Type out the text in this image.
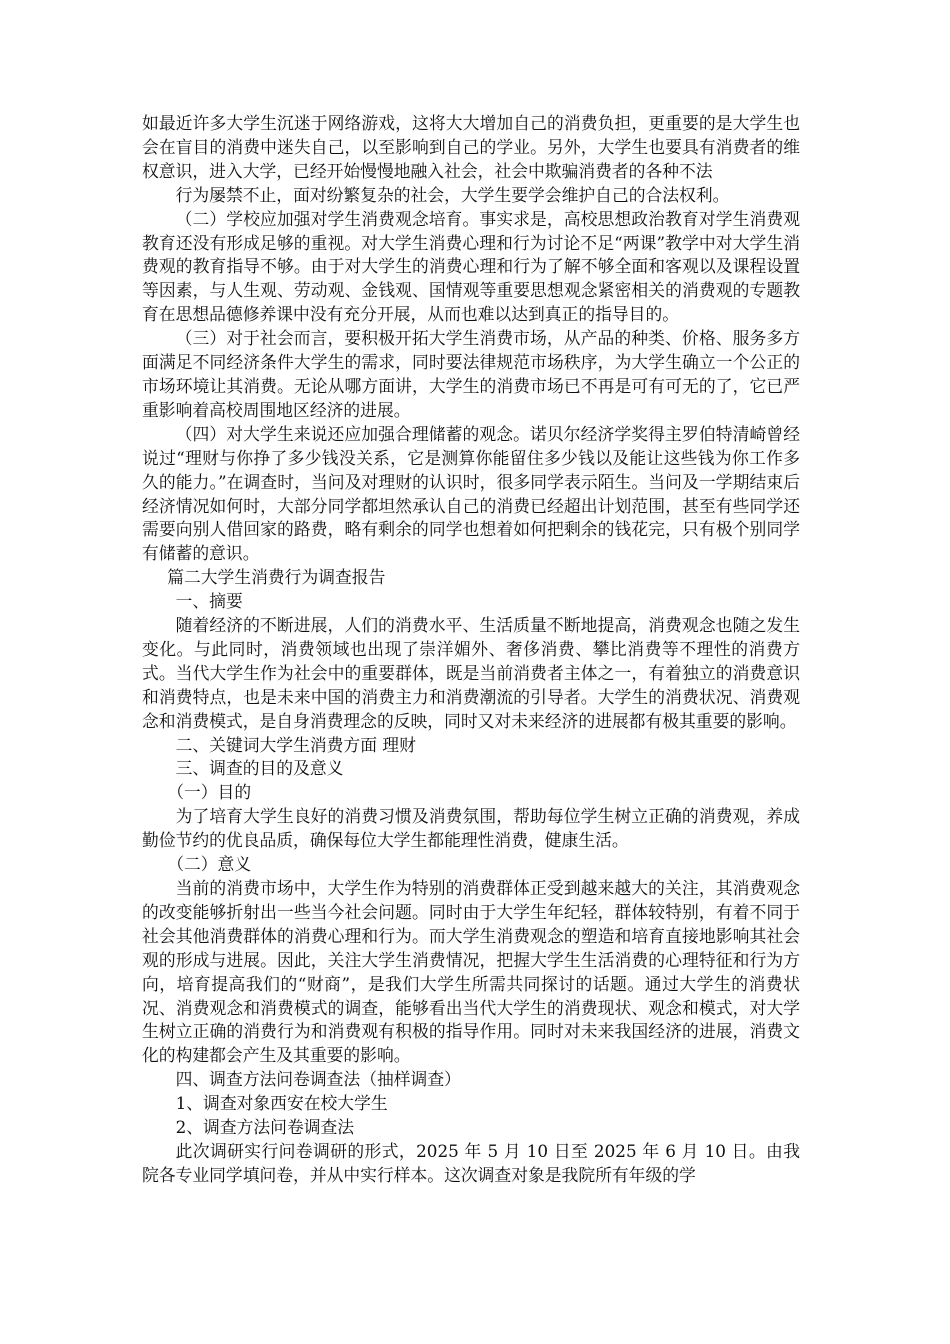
如最近许多大学生沉迷于网络游戏，这将大大增加自己的消费负担，更重要的是大学生也会在盲目的消费中迷失自己，以至影响到自己的学业。另外，大学生也要具有消费者的维权意识，进入大学，已经开始慢慢地融入社会，社会中欺骗消费者的各种不法

行为屡禁不止，面对纷繁复杂的社会，大学生要学会维护自己的合法权利。

（二）学校应加强对学生消费观念培育。事实求是，高校思想政治教育对学生消费观教育还没有形成足够的重视。对大学生消费心理和行为讨论不足“两课”教学中对大学生消费观的教育指导不够。由于对大学生的消费心理和行为了解不够全面和客观以及课程设置等因素，与人生观、劳动观、金钱观、国情观等重要思想观念紧密相关的消费观的专题教育在思想品德修养课中没有充分开展，从而也难以达到真正的指导目的。

（三）对于社会而言，要积极开拓大学生消费市场，从产品的种类、价格、服务多方面满足不同经济条件大学生的需求，同时要法律规范市场秩序，为大学生确立一个公正的市场环境让其消费。无论从哪方面讲，大学生的消费市场已不再是可有可无的了，它已严重影响着高校周围地区经济的进展。

（四）对大学生来说还应加强合理储蓄的观念。诺贝尔经济学奖得主罗伯特清崎曾经说过“理财与你挣了多少钱没关系，它是测算你能留住多少钱以及能让这些钱为你工作多久的能力。”在调查时，当问及对理财的认识时，很多同学表示陌生。当问及一学期结束后经济情况如何时，大部分同学都坦然承认自己的消费已经超出计划范围，甚至有些同学还需要向别人借回家的路费，略有剩余的同学也想着如何把剩余的钱花完，只有极个别同学有储蓄的意识。

篇二大学生消费行为调查报告

一、摘要

随着经济的不断进展，人们的消费水平、生活质量不断地提高，消费观念也随之发生变化。与此同时，消费领域也出现了崇洋媚外、奢侈消费、攀比消费等不理性的消费方式。当代大学生作为社会中的重要群体，既是当前消费者主体之一，有着独立的消费意识和消费特点，也是未来中国的消费主力和消费潮流的引导者。大学生的消费状况、消费观念和消费模式，是自身消费理念的反映，同时又对未来经济的进展都有极其重要的影响。

二、关键词大学生消费方面 理财

三、调查的目的及意义

（一）目的

为了培育大学生良好的消费习惯及消费氛围，帮助每位学生树立正确的消费观，养成勤俭节约的优良品质，确保每位大学生都能理性消费，健康生活。

（二）意义

当前的消费市场中，大学生作为特别的消费群体正受到越来越大的关注，其消费观念的改变能够折射出一些当今社会问题。同时由于大学生年纪轻，群体较特别，有着不同于社会其他消费群体的消费心理和行为。而大学生消费观念的塑造和培育直接地影响其社会观的形成与进展。因此，关注大学生消费情况，把握大学生生活消费的心理特征和行为方向，培育提高我们的“财商”，是我们大学生所需共同探讨的话题。通过大学生的消费状况、消费观念和消费模式的调查，能够看出当代大学生的消费现状、观念和模式，对大学生树立正确的消费行为和消费观有积极的指导作用。同时对未来我国经济的进展，消费文化的构建都会产生及其重要的影响。

四、调查方法问卷调查法（抽样调查）

1、调查对象西安在校大学生

2、调查方法问卷调查法

此次调研实行问卷调研的形式，2025 年 5 月 10 日至 2025 年 6 月 10 日。由我院各专业同学填问卷，并从中实行样本。这次调查对象是我院所有年级的学
